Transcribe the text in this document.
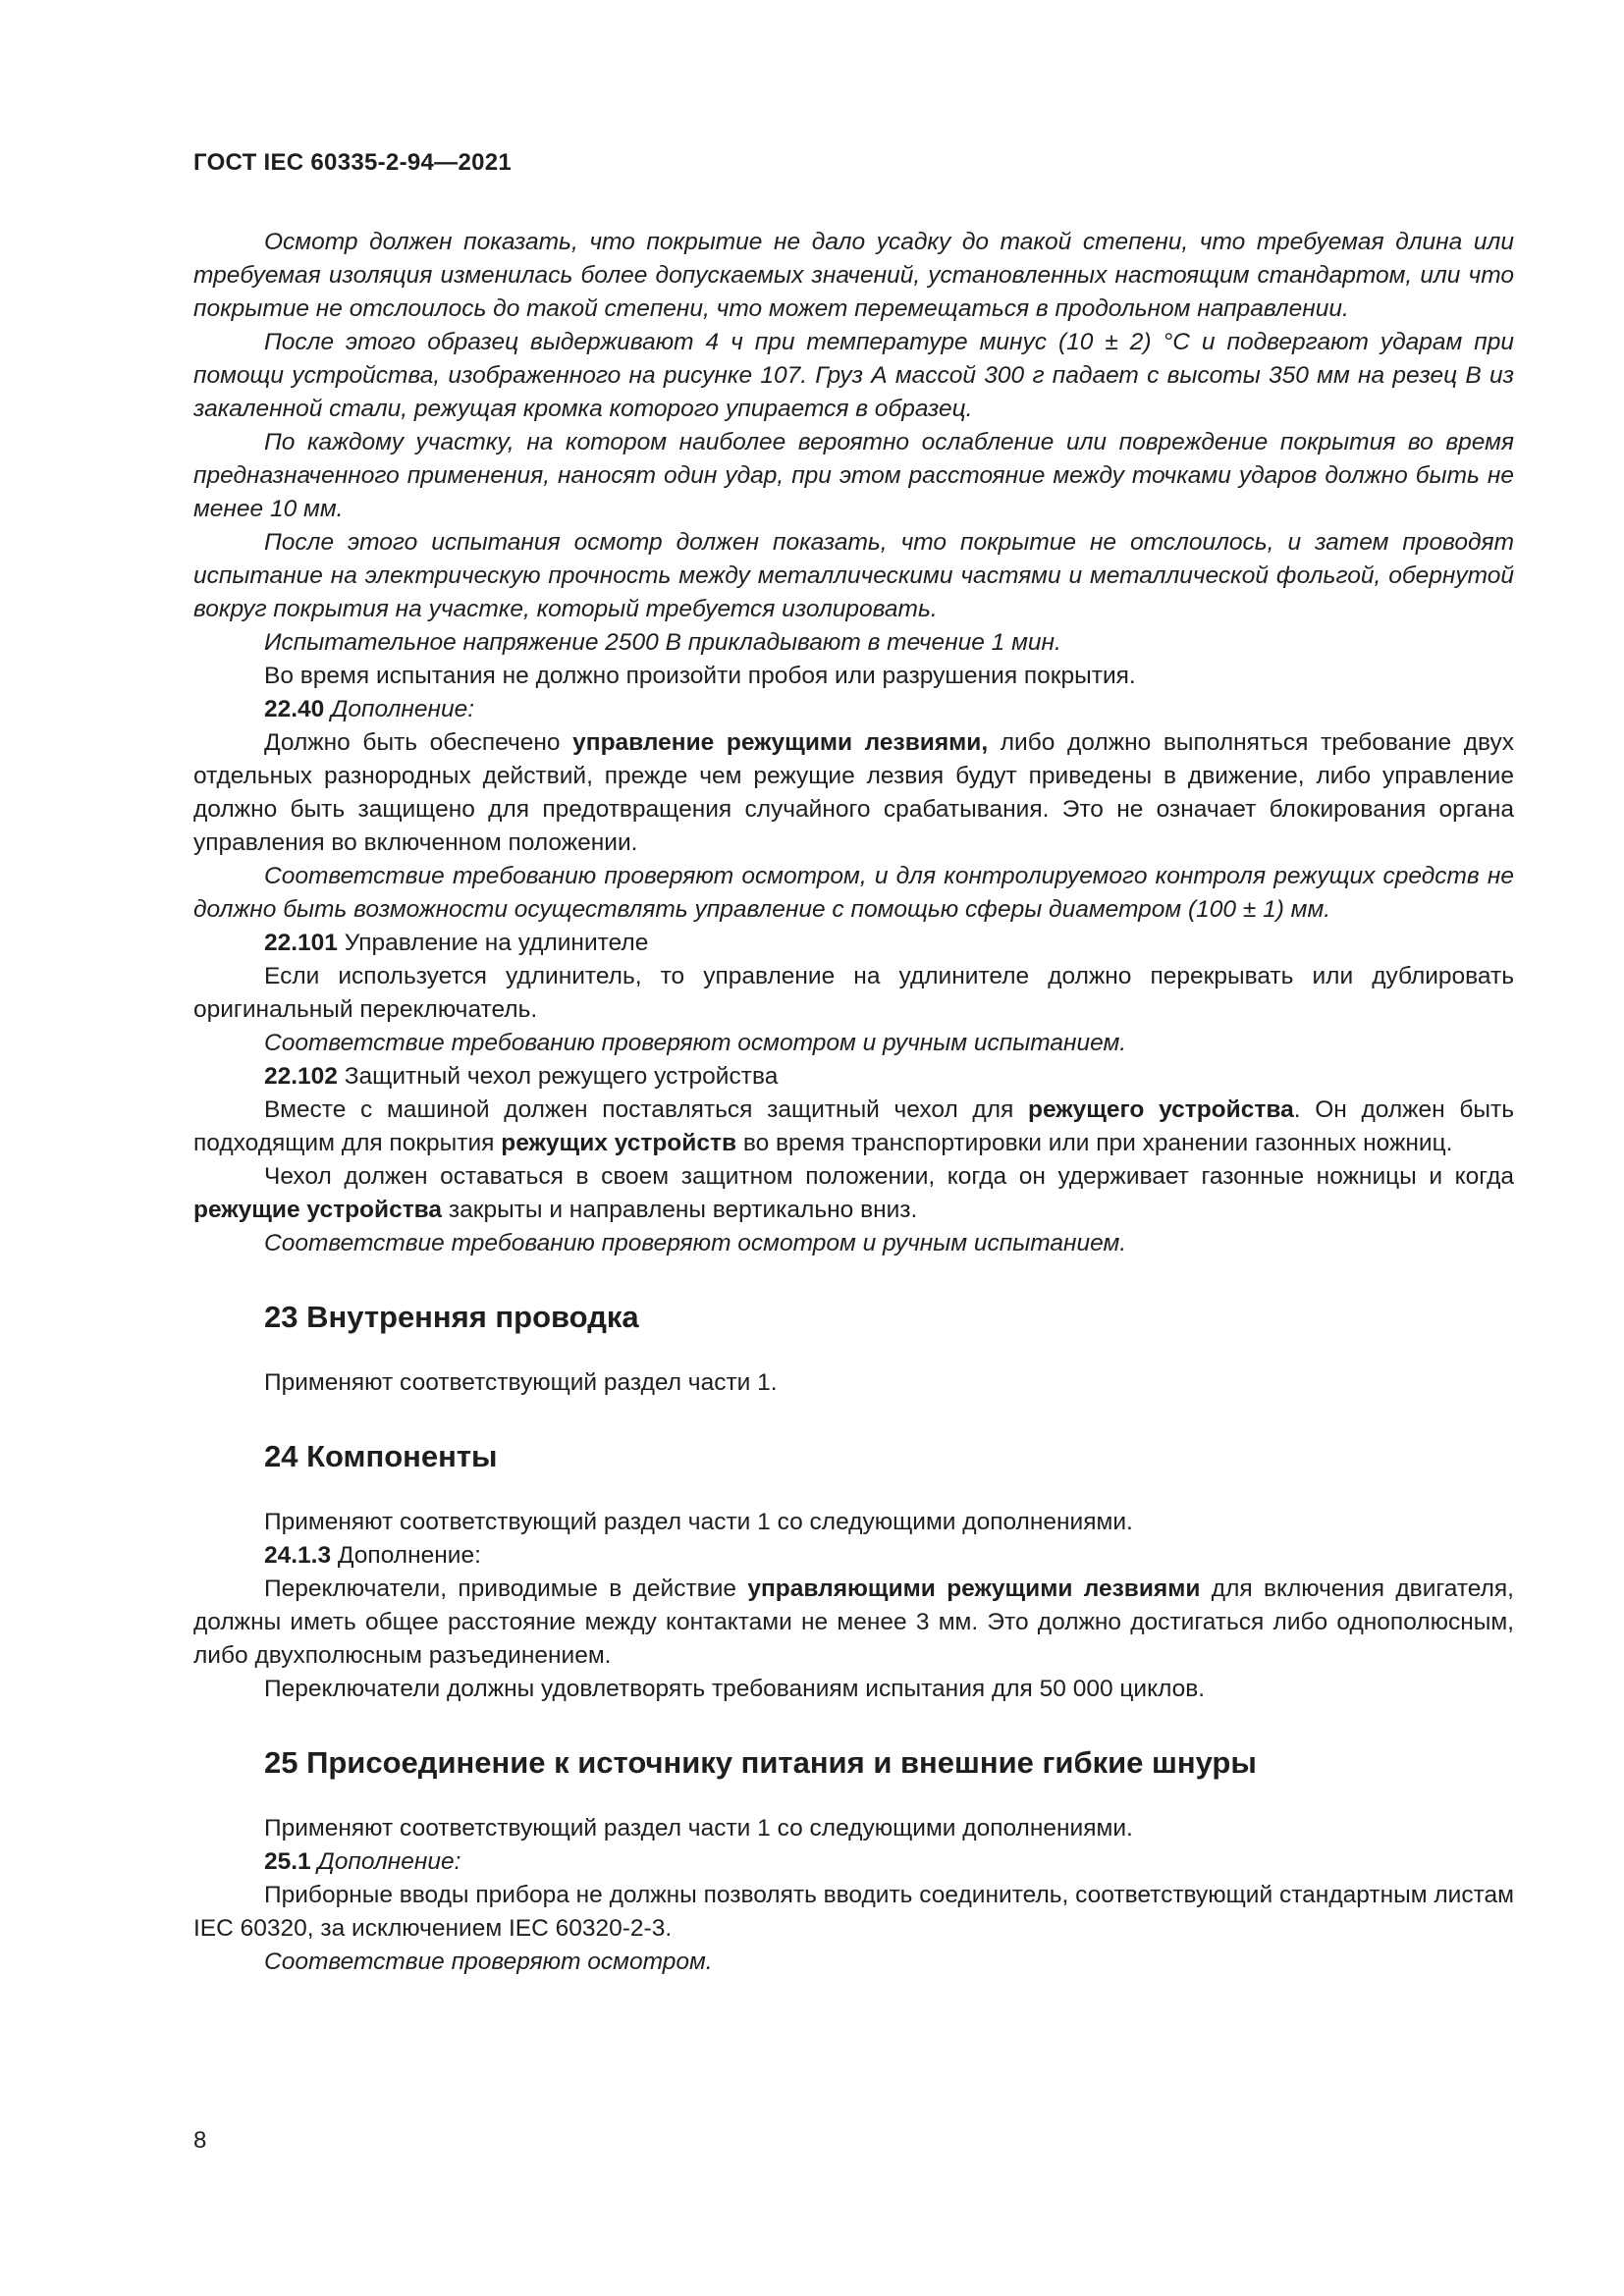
ГОСТ IEC 60335-2-94—2021

Осмотр должен показать, что покрытие не дало усадку до такой степени, что требуемая длина или требуемая изоляция изменилась более допускаемых значений, установленных настоящим стандартом, или что покрытие не отслоилось до такой степени, что может перемещаться в продольном направлении.

После этого образец выдерживают 4 ч при температуре минус (10 ± 2) °С и подвергают ударам при помощи устройства, изображенного на рисунке 107. Груз А массой 300 г падает с высоты 350 мм на резец В из закаленной стали, режущая кромка которого упирается в образец.

По каждому участку, на котором наиболее вероятно ослабление или повреждение покрытия во время предназначенного применения, наносят один удар, при этом расстояние между точками ударов должно быть не менее 10 мм.

После этого испытания осмотр должен показать, что покрытие не отслоилось, и затем проводят испытание на электрическую прочность между металлическими частями и металлической фольгой, обернутой вокруг покрытия на участке, который требуется изолировать.

Испытательное напряжение 2500 В прикладывают в течение 1 мин.

Во время испытания не должно произойти пробоя или разрушения покрытия.

22.40 Дополнение:

Должно быть обеспечено управление режущими лезвиями, либо должно выполняться требование двух отдельных разнородных действий, прежде чем режущие лезвия будут приведены в движение, либо управление должно быть защищено для предотвращения случайного срабатывания. Это не означает блокирования органа управления во включенном положении.

Соответствие требованию проверяют осмотром, и для контролируемого контроля режущих средств не должно быть возможности осуществлять управление с помощью сферы диаметром (100 ± 1) мм.

22.101 Управление на удлинителе

Если используется удлинитель, то управление на удлинителе должно перекрывать или дублировать оригинальный переключатель.

Соответствие требованию проверяют осмотром и ручным испытанием.

22.102 Защитный чехол режущего устройства

Вместе с машиной должен поставляться защитный чехол для режущего устройства. Он должен быть подходящим для покрытия режущих устройств во время транспортировки или при хранении газонных ножниц.

Чехол должен оставаться в своем защитном положении, когда он удерживает газонные ножницы и когда режущие устройства закрыты и направлены вертикально вниз.

Соответствие требованию проверяют осмотром и ручным испытанием.

23 Внутренняя проводка

Применяют соответствующий раздел части 1.

24 Компоненты

Применяют соответствующий раздел части 1 со следующими дополнениями.

24.1.3 Дополнение:

Переключатели, приводимые в действие управляющими режущими лезвиями для включения двигателя, должны иметь общее расстояние между контактами не менее 3 мм. Это должно достигаться либо однополюсным, либо двухполюсным разъединением.

Переключатели должны удовлетворять требованиям испытания для 50 000 циклов.

25 Присоединение к источнику питания и внешние гибкие шнуры

Применяют соответствующий раздел части 1 со следующими дополнениями.

25.1 Дополнение:

Приборные вводы прибора не должны позволять вводить соединитель, соответствующий стандартным листам IEC 60320, за исключением IEC 60320-2-3.

Соответствие проверяют осмотром.

8
